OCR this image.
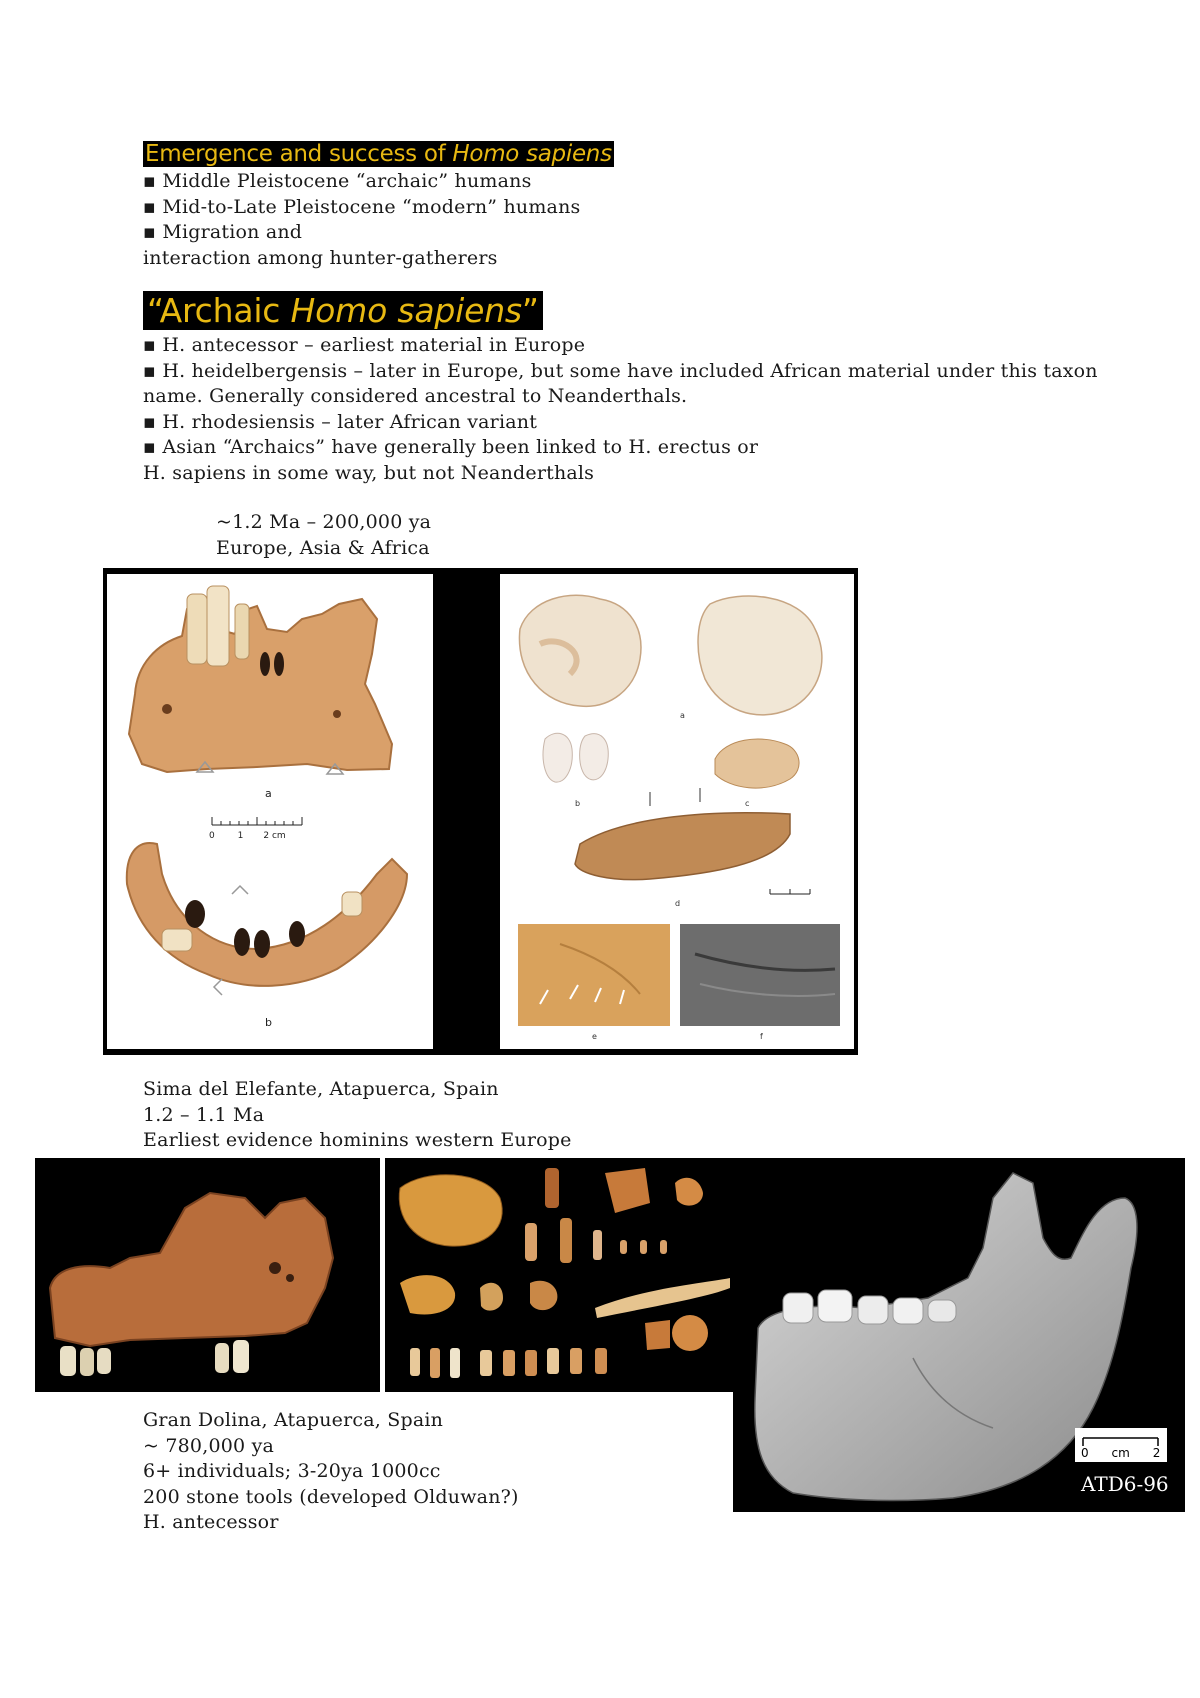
Emergence and success of Homo sapiens
▪ Middle Pleistocene “archaic” humans
▪ Mid-to-Late Pleistocene “modern” humans
▪ Migration and
interaction among hunter-gatherers
“Archaic Homo sapiens”
▪ H. antecessor – earliest material in Europe
▪ H. heidelbergensis – later in Europe, but some have included African material under this taxon
name. Generally considered ancestral to Neanderthals.
▪ H. rhodesiensis – later African variant
▪ Asian “Archaics” have generally been linked to H. erectus or
H. sapiens in some way, but not Neanderthals
~1.2 Ma – 200,000 ya
Europe, Asia & Africa
a
0        1       2 cm
b
a
b	c
d
e	f
Sima del Elefante, Atapuerca, Spain
1.2 – 1.1 Ma
Earliest evidence hominins western Europe
0      cm      2
ATD6-96
Gran Dolina, Atapuerca, Spain
~ 780,000 ya
6+ individuals; 3-20ya 1000cc
200 stone tools (developed Olduwan?)
H. antecessor
